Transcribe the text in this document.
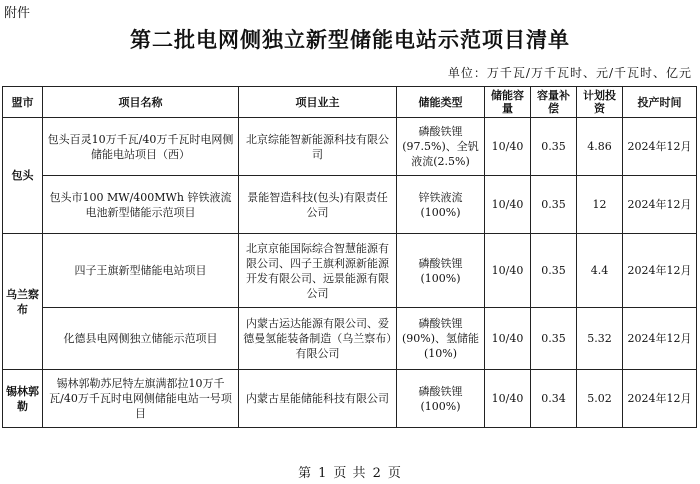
附件
第二批电网侧独立新型储能电站示范项目清单
单位：万千瓦/万千瓦时、元/千瓦时、亿元
盟市	项目名称	项目业主	储能类型	储能容量	容量补偿	计划投资	投产时间
包头	包头百灵10万千瓦/40万千瓦时电网侧储能电站项目（西）	北京综能智新能源科技有限公司	磷酸铁锂(97.5%)、全钒液流(2.5%)	10/40	0.35	4.86	2024年12月
	包头市100 MW/400MWh 锌铁液流电池新型储能示范项目	景能智造科技(包头)有限责任公司	锌铁液流(100%)	10/40	0.35	12	2024年12月
乌兰察布	四子王旗新型储能电站项目	北京京能国际综合智慧能源有限公司、四子王旗利源新能源开发有限公司、远景能源有限公司	磷酸铁锂(100%)	10/40	0.35	4.4	2024年12月
	化德县电网侧独立储能示范项目	内蒙古运达能源有限公司、爱德曼氢能装备制造（乌兰察布）有限公司	磷酸铁锂(90%)、氢储能(10%)	10/40	0.35	5.32	2024年12月
锡林郭勒	锡林郭勒苏尼特左旗满都拉10万千瓦/40万千瓦时电网侧储能电站一号项目	内蒙古星能储能科技有限公司	磷酸铁锂(100%)	10/40	0.34	5.02	2024年12月
第 1 页 共 2 页
